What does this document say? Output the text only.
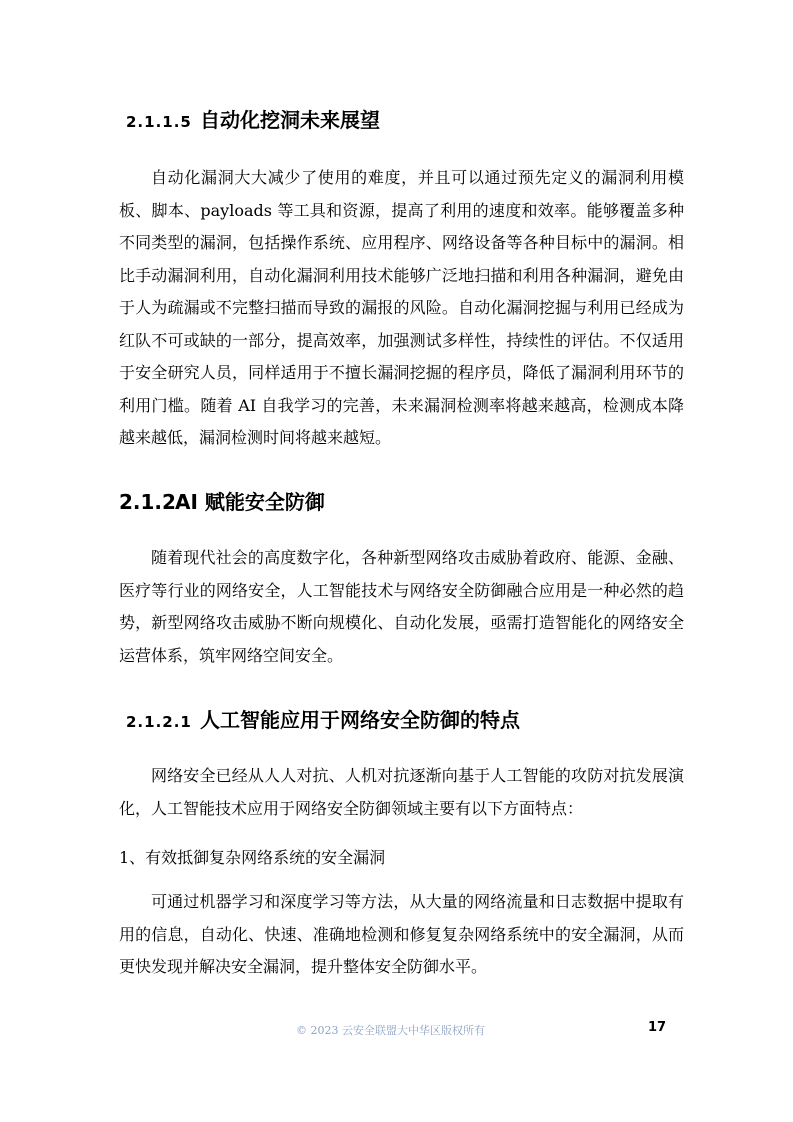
2.1.1.5 自动化挖洞未来展望

自动化漏洞大大减少了使用的难度，并且可以通过预先定义的漏洞利用模板、脚本、payloads 等工具和资源，提高了利用的速度和效率。能够覆盖多种不同类型的漏洞，包括操作系统、应用程序、网络设备等各种目标中的漏洞。相比手动漏洞利用，自动化漏洞利用技术能够广泛地扫描和利用各种漏洞，避免由于人为疏漏或不完整扫描而导致的漏报的风险。自动化漏洞挖掘与利用已经成为红队不可或缺的一部分，提高效率，加强测试多样性，持续性的评估。不仅适用于安全研究人员，同样适用于不擅长漏洞挖掘的程序员，降低了漏洞利用环节的利用门槛。随着 AI 自我学习的完善，未来漏洞检测率将越来越高，检测成本降越来越低，漏洞检测时间将越来越短。

2.1.2AI 赋能安全防御

随着现代社会的高度数字化，各种新型网络攻击威胁着政府、能源、金融、医疗等行业的网络安全，人工智能技术与网络安全防御融合应用是一种必然的趋势，新型网络攻击威胁不断向规模化、自动化发展，亟需打造智能化的网络安全运营体系，筑牢网络空间安全。

2.1.2.1 人工智能应用于网络安全防御的特点

网络安全已经从人人对抗、人机对抗逐渐向基于人工智能的攻防对抗发展演化，人工智能技术应用于网络安全防御领域主要有以下方面特点：

1、有效抵御复杂网络系统的安全漏洞

可通过机器学习和深度学习等方法，从大量的网络流量和日志数据中提取有用的信息，自动化、快速、准确地检测和修复复杂网络系统中的安全漏洞，从而更快发现并解决安全漏洞，提升整体安全防御水平。

© 2023 云安全联盟大中华区版权所有	17
